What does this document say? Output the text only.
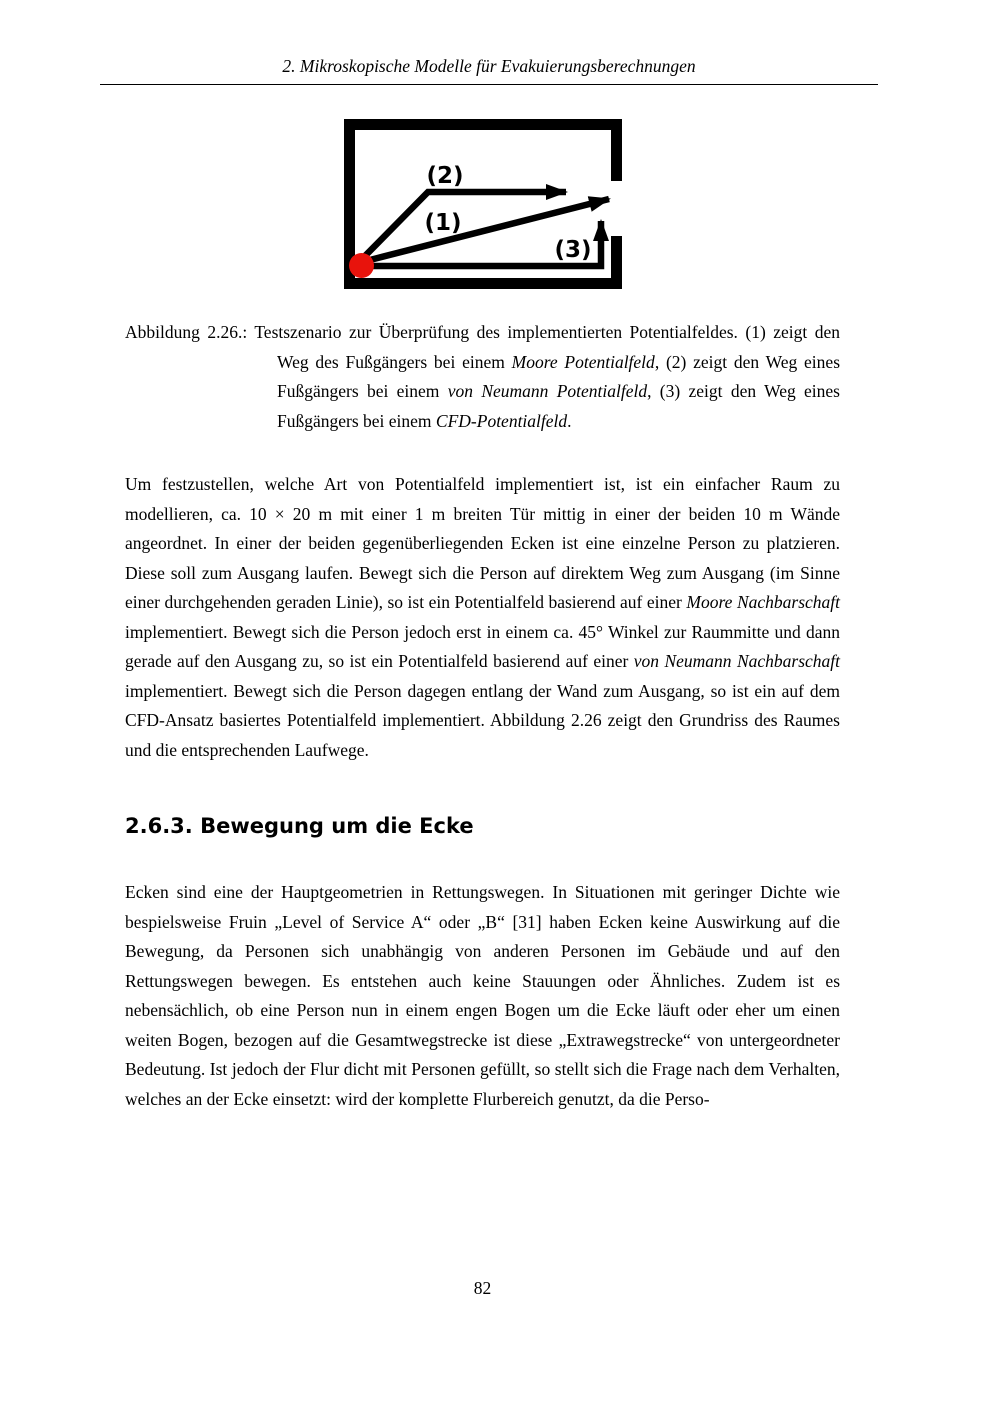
2. Mikroskopische Modelle für Evakuierungsberechnungen
(1)
(2)
(3)
Abbildung 2.26.: Testszenario zur Überprüfung des implementierten Potentialfeldes. (1) zeigt den Weg des Fußgängers bei einem Moore Potentialfeld, (2) zeigt den Weg eines Fußgängers bei einem von Neumann Potentialfeld, (3) zeigt den Weg eines Fußgängers bei einem CFD-Potentialfeld.

Um festzustellen, welche Art von Potentialfeld implementiert ist, ist ein einfacher Raum zu modellieren, ca. 10 × 20 m mit einer 1 m breiten Tür mittig in einer der beiden 10 m Wände angeordnet. In einer der beiden gegenüberliegenden Ecken ist eine einzelne Person zu platzieren. Diese soll zum Ausgang laufen. Bewegt sich die Person auf direktem Weg zum Ausgang (im Sinne einer durchgehenden geraden Linie), so ist ein Potentialfeld basierend auf einer Moore Nachbarschaft implementiert. Bewegt sich die Person jedoch erst in einem ca. 45° Winkel zur Raummitte und dann gerade auf den Ausgang zu, so ist ein Potentialfeld basierend auf einer von Neumann Nachbarschaft implementiert. Bewegt sich die Person dagegen entlang der Wand zum Ausgang, so ist ein auf dem CFD-Ansatz basiertes Potentialfeld implementiert. Abbildung 2.26 zeigt den Grundriss des Raumes und die entsprechenden Laufwege.

2.6.3. Bewegung um die Ecke

Ecken sind eine der Hauptgeometrien in Rettungswegen. In Situationen mit geringer Dichte wie bespielsweise Fruin „Level of Service A“ oder „B“ [31] haben Ecken keine Auswirkung auf die Bewegung, da Personen sich unabhängig von anderen Personen im Gebäude und auf den Rettungswegen bewegen. Es entstehen auch keine Stauungen oder Ähnliches. Zudem ist es nebensächlich, ob eine Person nun in einem engen Bogen um die Ecke läuft oder eher um einen weiten Bogen, bezogen auf die Gesamtwegstrecke ist diese „Extrawegstrecke“ von untergeordneter Bedeutung. Ist jedoch der Flur dicht mit Personen gefüllt, so stellt sich die Frage nach dem Verhalten, welches an der Ecke einsetzt: wird der komplette Flurbereich genutzt, da die Perso-

82
